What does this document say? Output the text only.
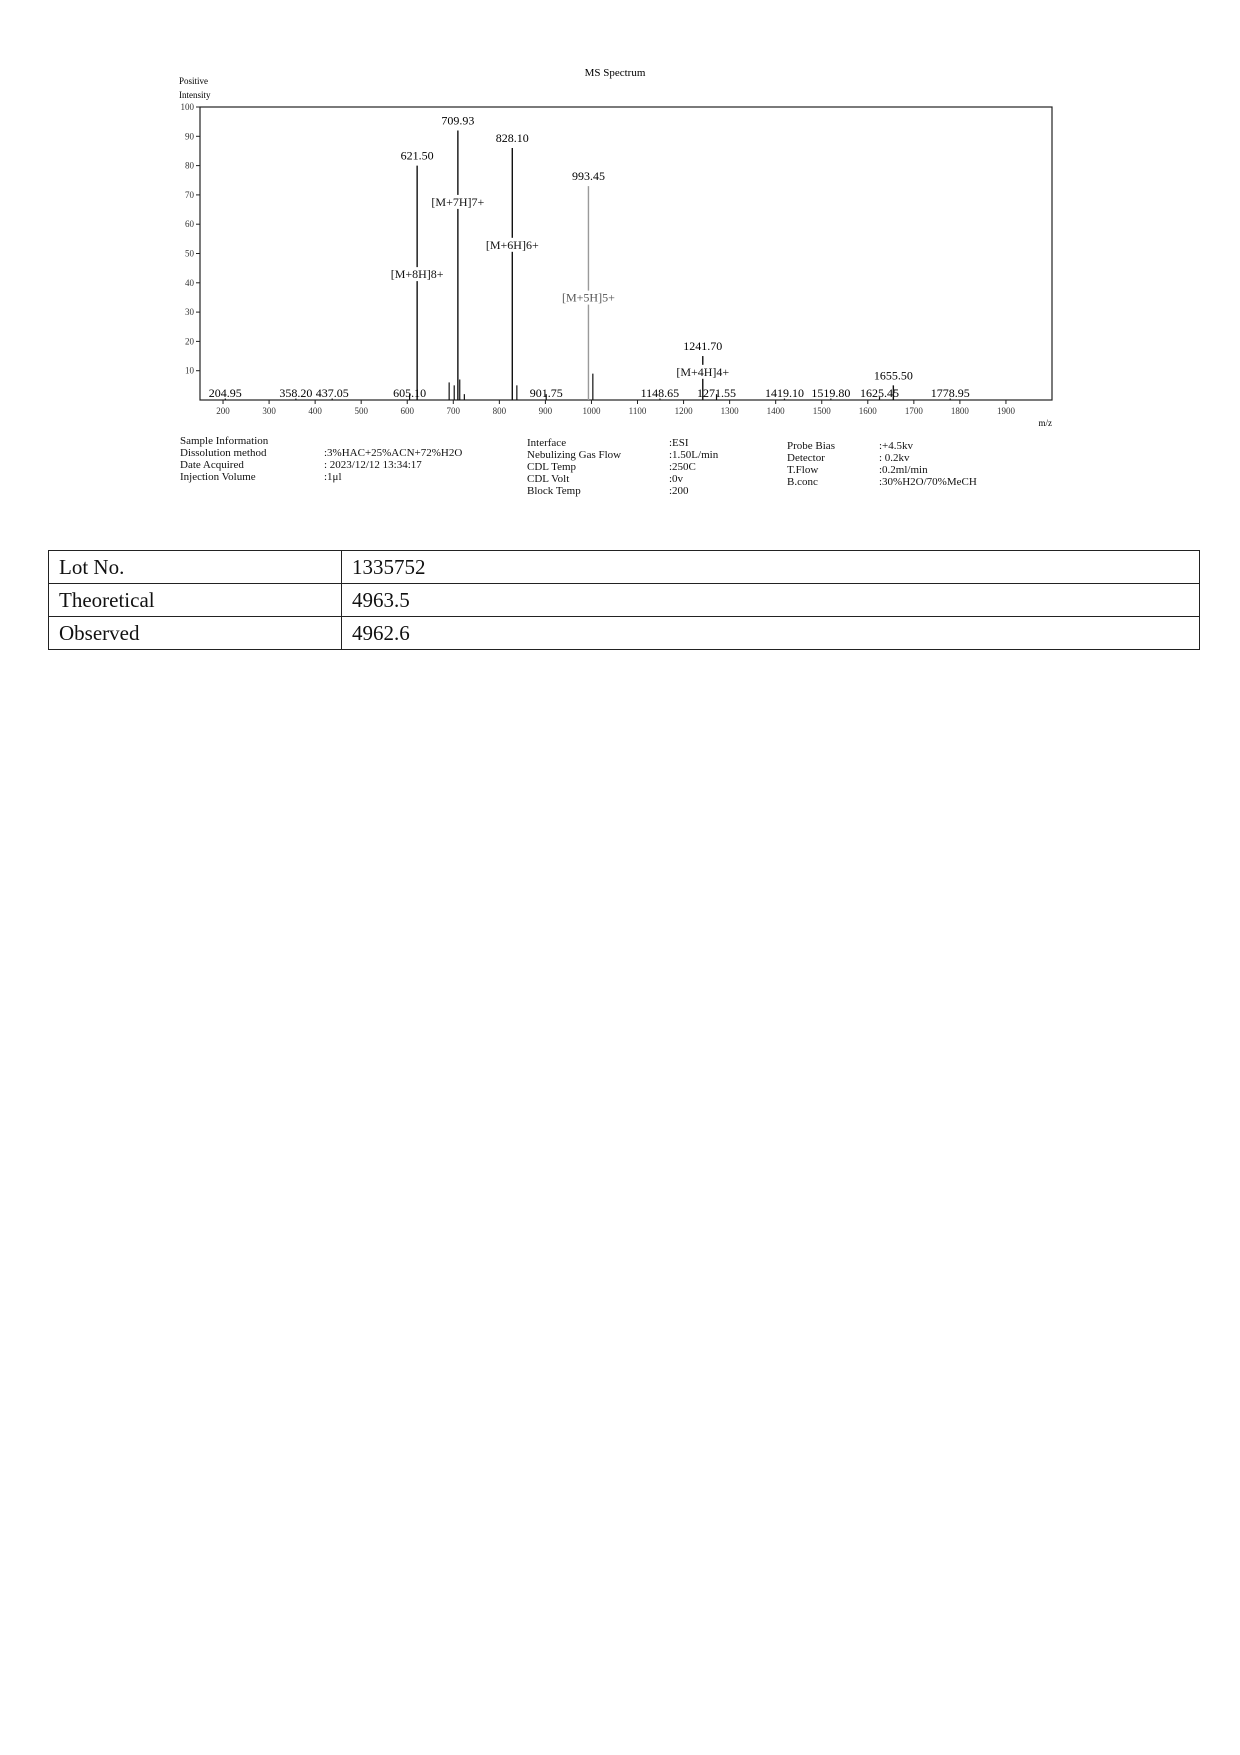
MS Spectrum
Positive
Intensity
m/z
200	300	400	500	600	700	800	900	1000	1100	1200	1300	1400	1500	1600	1700	1800	1900
10
20
30
40
50
60
70
80
90
100
204.95	358.20 437.05	605.10	901.75	1148.65 1271.55 1419.10 1519.80 1625.45	1778.95
621.50
[M+8H]8+
709.93
[M+7H]7+
828.10
[M+6H]6+
993.45
[M+5H]5+
1241.70
[M+4H]4+	1655.50
Sample Information
Dissolution method	:3%HAC+25%ACN+72%H2O
Date Acquired	: 2023/12/12 13:34:17
Injection Volume	:1μl
Interface	:ESI
Nebulizing Gas Flow	:1.50L/min
CDL Temp	:250C
CDL Volt	:0v
Block Temp	:200
Probe Bias	:+4.5kv
Detector	: 0.2kv
T.Flow	:0.2ml/min
B.conc	:30%H2O/70%MeCH
Lot No.	1335752
Theoretical	4963.5
Observed	4962.6
